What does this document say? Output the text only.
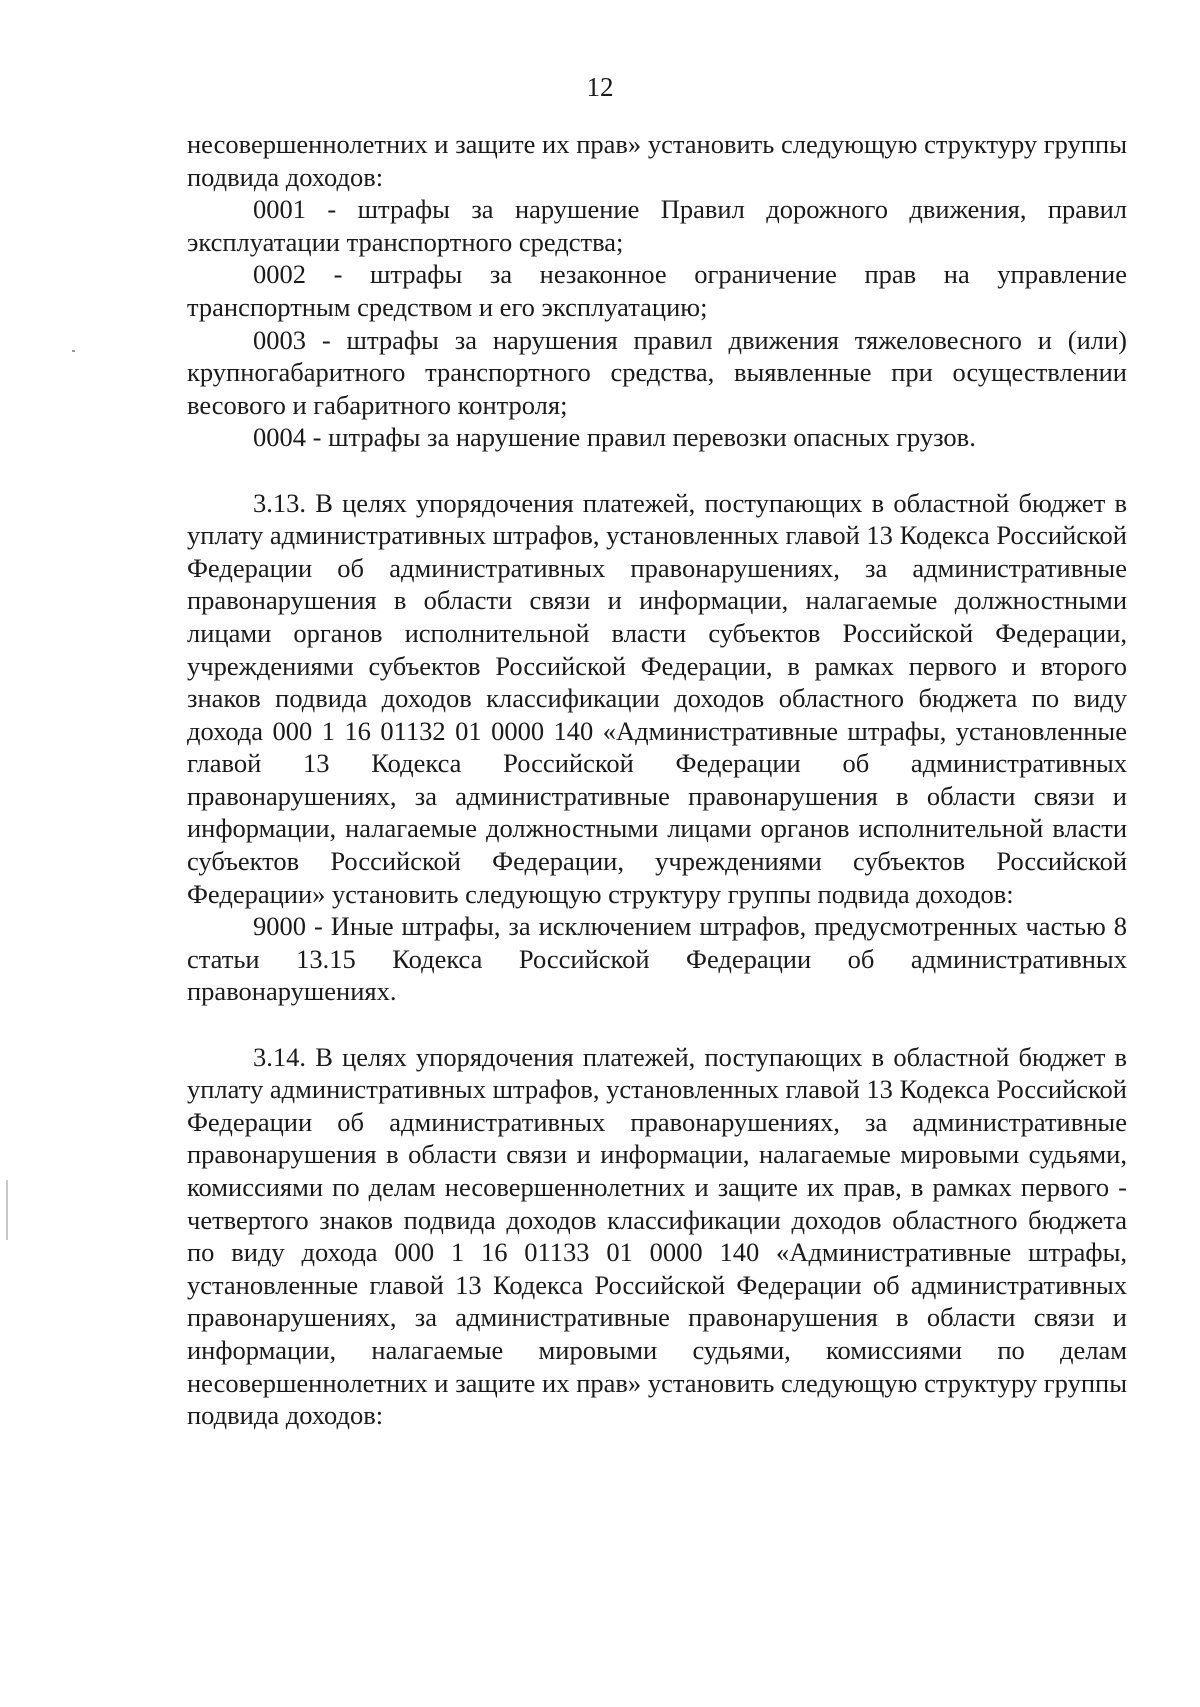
12

несовершеннолетних и защите их прав» установить следующую структуру группы подвида доходов:

0001 - штрафы за нарушение Правил дорожного движения, правил эксплуатации транспортного средства;

0002 - штрафы за незаконное ограничение прав на управление транспортным средством и его эксплуатацию;

0003 - штрафы за нарушения правил движения тяжеловесного и (или) крупногабаритного транспортного средства, выявленные при осуществлении весового и габаритного контроля;

0004 - штрафы за нарушение правил перевозки опасных грузов.

3.13. В целях упорядочения платежей, поступающих в областной бюджет в уплату административных штрафов, установленных главой 13 Кодекса Российской Федерации об административных правонарушениях, за административные правонарушения в области связи и информации, налагаемые должностными лицами органов исполнительной власти субъектов Российской Федерации, учреждениями субъектов Российской Федерации, в рамках первого и второго знаков подвида доходов классификации доходов областного бюджета по виду дохода 000 1 16 01132 01 0000 140 «Административные штрафы, установленные главой 13 Кодекса Российской Федерации об административных правонарушениях, за административные правонарушения в области связи и информации, налагаемые должностными лицами органов исполнительной власти субъектов Российской Федерации, учреждениями субъектов Российской Федерации» установить следующую структуру группы подвида доходов:

9000 - Иные штрафы, за исключением штрафов, предусмотренных частью 8 статьи 13.15 Кодекса Российской Федерации об административных правонарушениях.

3.14. В целях упорядочения платежей, поступающих в областной бюджет в уплату административных штрафов, установленных главой 13 Кодекса Российской Федерации об административных правонарушениях, за административные правонарушения в области связи и информации, налагаемые мировыми судьями, комиссиями по делам несовершеннолетних и защите их прав, в рамках первого - четвертого знаков подвида доходов классификации доходов областного бюджета по виду дохода 000 1 16 01133 01 0000 140 «Административные штрафы, установленные главой 13 Кодекса Российской Федерации об административных правонарушениях, за административные правонарушения в области связи и информации, налагаемые мировыми судьями, комиссиями по делам несовершеннолетних и защите их прав» установить следующую структуру группы подвида доходов:
